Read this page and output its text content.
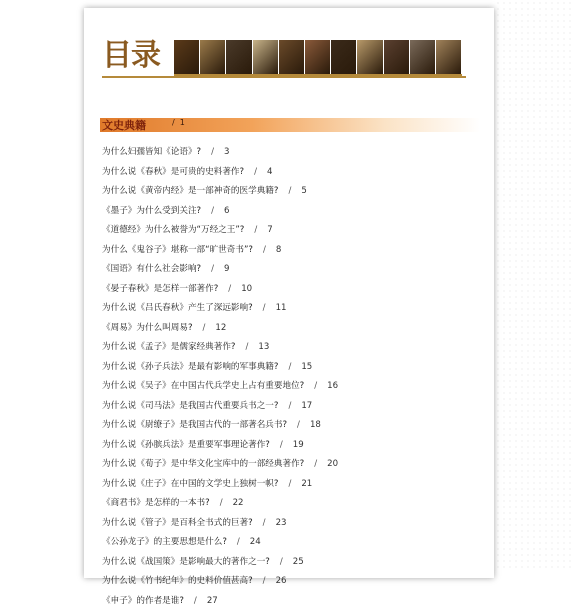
目录
文史典籍	/  1
为什么妇孺皆知《论语》? / 3
为什么说《春秋》是可贵的史料著作? / 4
为什么说《黄帝内经》是一部神奇的医学典籍? / 5
《墨子》为什么受到关注? / 6
《道德经》为什么被誉为“万经之王”? / 7
为什么《鬼谷子》堪称一部“旷世奇书”? / 8
《国语》有什么社会影响? / 9
《晏子春秋》是怎样一部著作? / 10
为什么说《吕氏春秋》产生了深远影响? / 11
《周易》为什么叫周易? / 12
为什么说《孟子》是儒家经典著作? / 13
为什么说《孙子兵法》是最有影响的军事典籍? / 15
为什么说《吴子》在中国古代兵学史上占有重要地位? / 16
为什么说《司马法》是我国古代重要兵书之一? / 17
为什么说《尉缭子》是我国古代的一部著名兵书? / 18
为什么说《孙膑兵法》是重要军事理论著作? / 19
为什么说《荀子》是中华文化宝库中的一部经典著作? / 20
为什么说《庄子》在中国的文学史上独树一帜? / 21
《商君书》是怎样的一本书? / 22
为什么说《管子》是百科全书式的巨著? / 23
《公孙龙子》的主要思想是什么? / 24
为什么说《战国策》是影响最大的著作之一? / 25
为什么说《竹书纪年》的史料价值甚高? / 26
《申子》的作者是谁? / 27
